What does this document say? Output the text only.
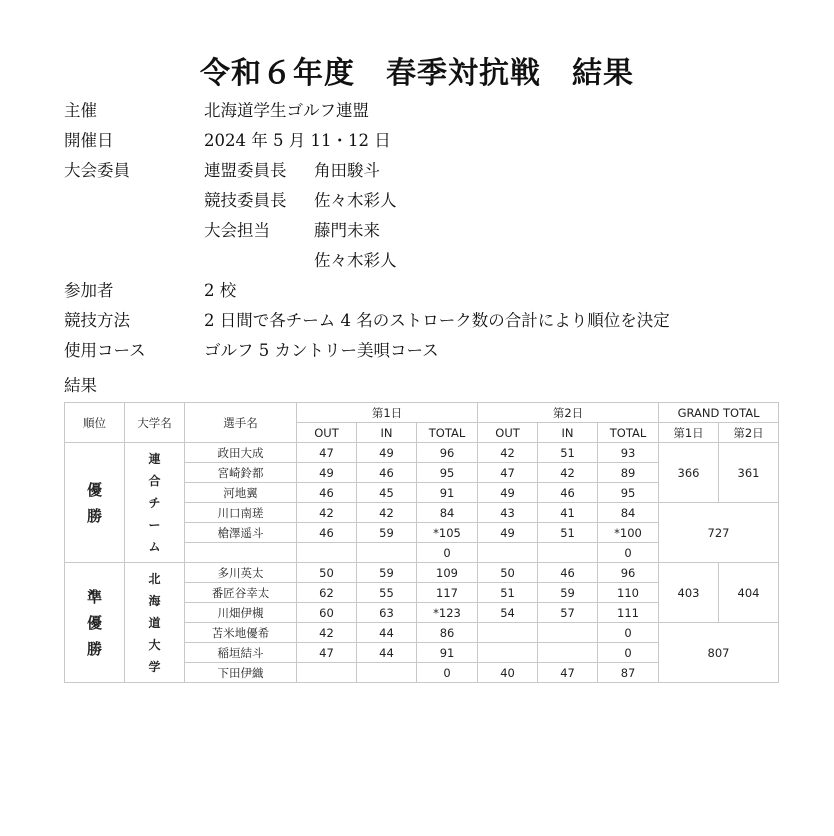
令和６年度　春季対抗戦　結果
主催	北海道学生ゴルフ連盟
開催日	2024 年 5 月 11・12 日
大会委員	連盟委員長 角田駿斗
競技委員長 佐々木彩人
大会担当	藤門未来
佐々木彩人
参加者	2 校
競技方法	2 日間で各チーム 4 名のストローク数の合計により順位を決定
使用コース	ゴルフ 5 カントリー美唄コース
結果
順位	大学名	選手名	第1日			第2日			GRAND TOTAL	
			OUT	IN	TOTAL	OUT	IN	TOTAL	第1日	第2日
優勝	連合チーム	政田大成	47	49	96	42	51	93	366	361
		宮崎鈴都	49	46	95	47	42	89		
		河地翼	46	45	91	49	46	95		
		川口南瑳	42	42	84	43	41	84	727	
		槍澤遥斗	46	59	*105	49	51	*100		
					0			0		
準優勝	北海道大学	多川英太	50	59	109	50	46	96	403	404
		番匠谷幸太	62	55	117	51	59	110		
		川畑伊槻	60	63	*123	54	57	111		
		苫米地優希	42	44	86			0	807	
		稲垣結斗	47	44	91			0		
		下田伊織			0	40	47	87		
